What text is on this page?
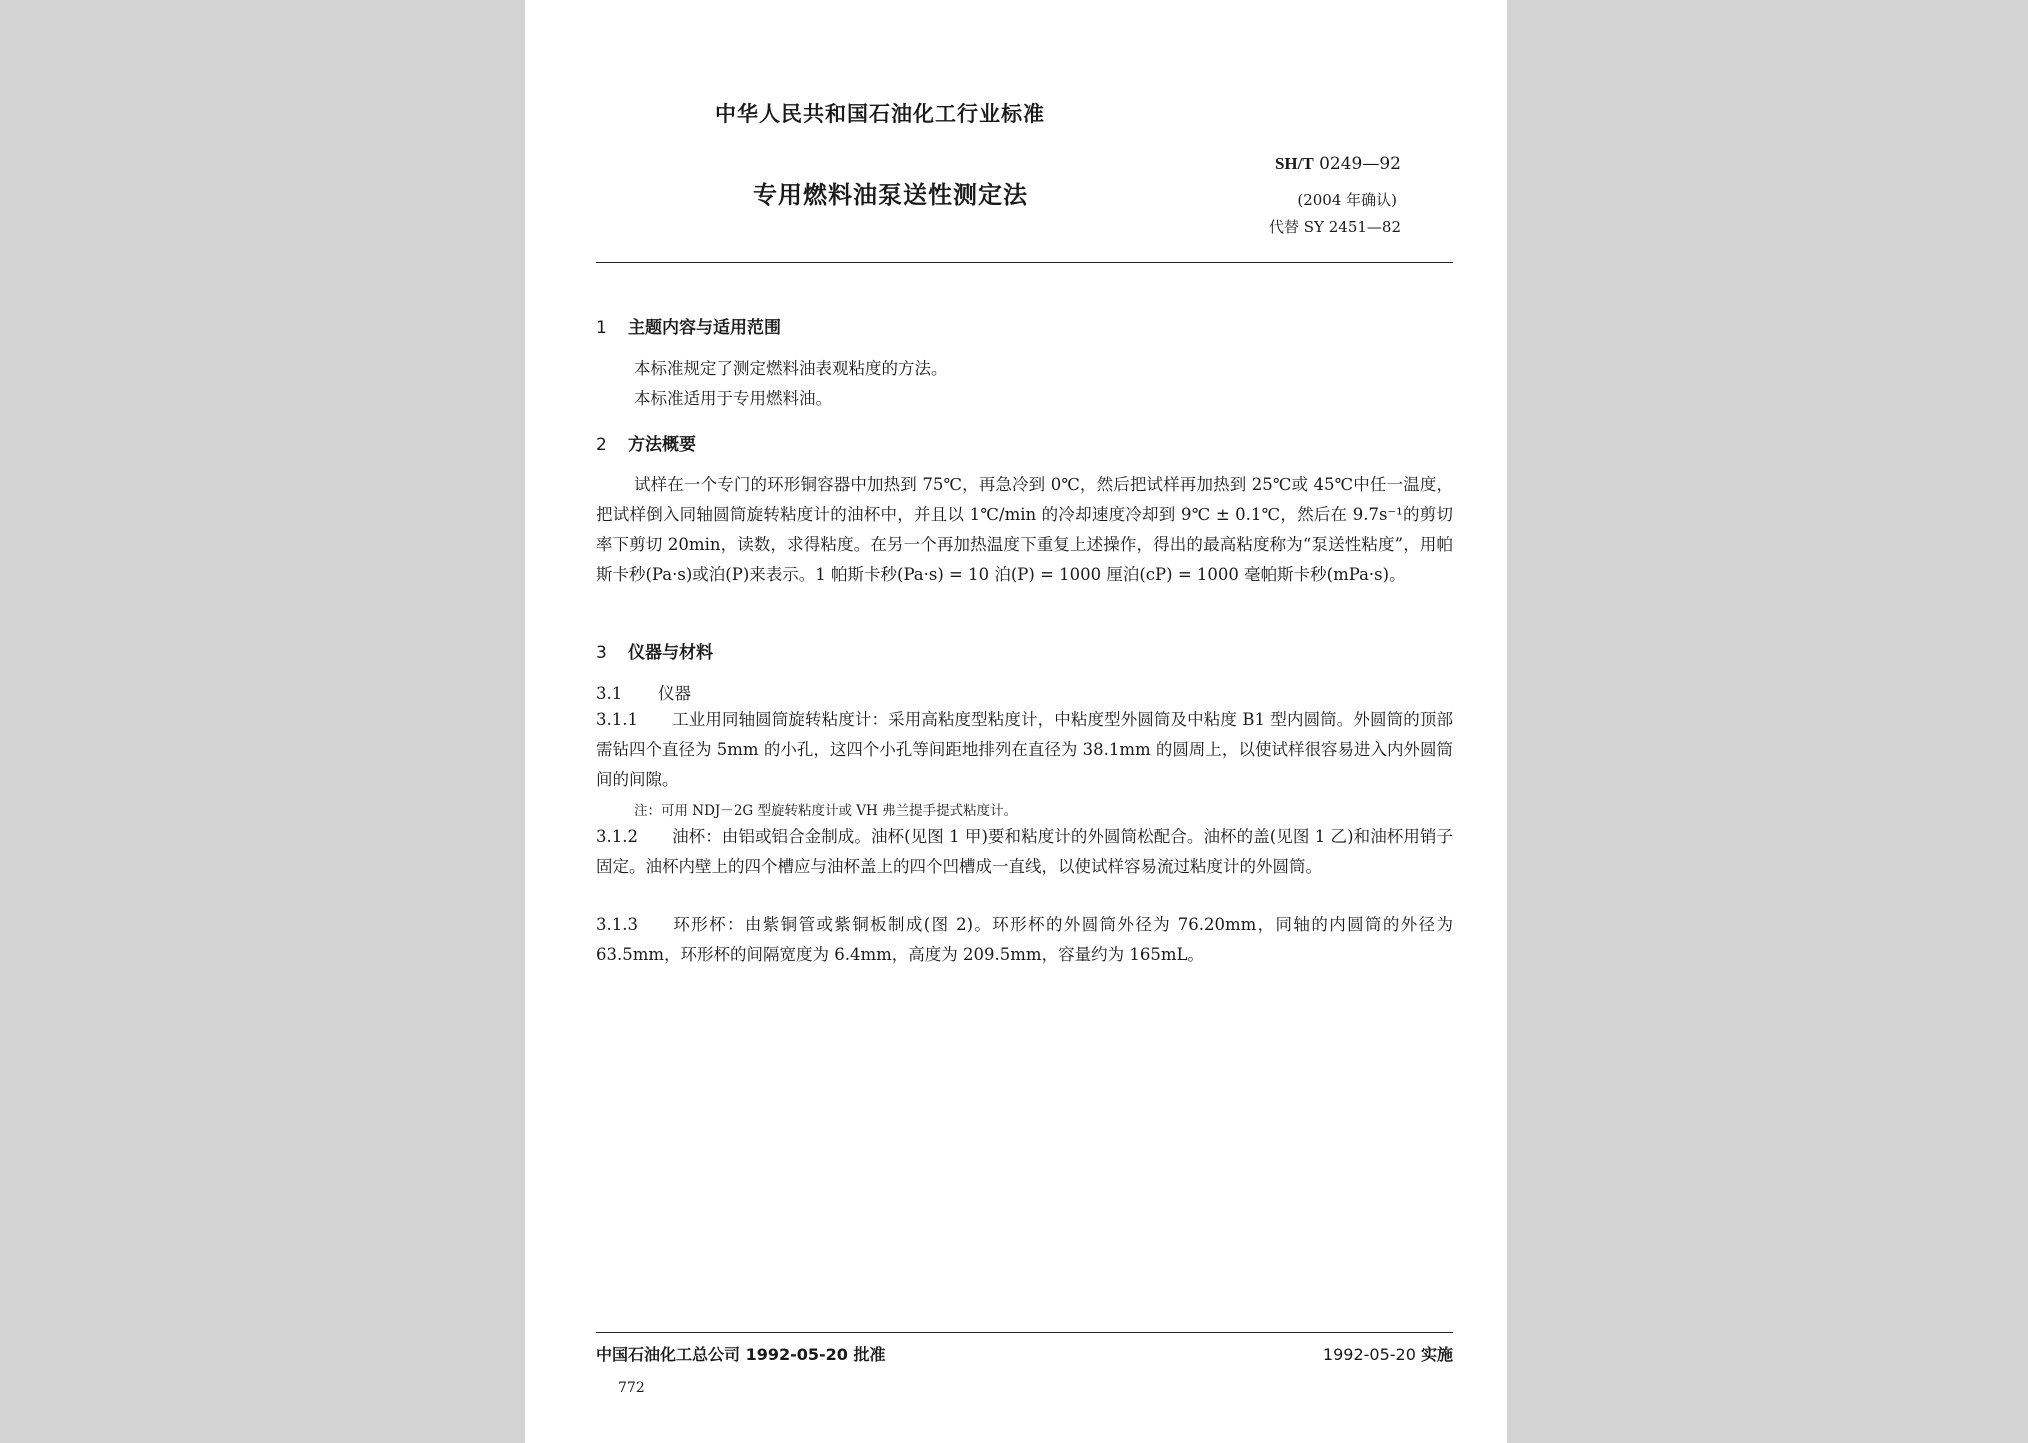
中华人民共和国石油化工行业标准
专用燃料油泵送性测定法
SH/T 0249—92
(2004 年确认)
代替 SY 2451—82
1 主题内容与适用范围
本标准规定了测定燃料油表观粘度的方法。
本标准适用于专用燃料油。
2 方法概要
试样在一个专门的环形铜容器中加热到 75℃，再急冷到 0℃，然后把试样再加热到 25℃或 45℃中任一温度，把试样倒入同轴圆筒旋转粘度计的油杯中，并且以 1℃/min 的冷却速度冷却到 9℃ ± 0.1℃，然后在 9.7s⁻¹的剪切率下剪切 20min，读数，求得粘度。在另一个再加热温度下重复上述操作，得出的最高粘度称为“泵送性粘度”，用帕斯卡秒(Pa·s)或泊(P)来表示。1 帕斯卡秒(Pa·s) = 10 泊(P) = 1000 厘泊(cP) = 1000 毫帕斯卡秒(mPa·s)。
3 仪器与材料
3.1 仪器
3.1.1 工业用同轴圆筒旋转粘度计：采用高粘度型粘度计，中粘度型外圆筒及中粘度 B1 型内圆筒。外圆筒的顶部需钻四个直径为 5mm 的小孔，这四个小孔等间距地排列在直径为 38.1mm 的圆周上，以使试样很容易进入内外圆筒间的间隙。
注：可用 NDJ－2G 型旋转粘度计或 VH 弗兰提手提式粘度计。
3.1.2 油杯：由铝或铝合金制成。油杯(见图 1 甲)要和粘度计的外圆筒松配合。油杯的盖(见图 1 乙)和油杯用销子固定。油杯内壁上的四个槽应与油杯盖上的四个凹槽成一直线，以使试样容易流过粘度计的外圆筒。
3.1.3 环形杯：由紫铜管或紫铜板制成(图 2)。环形杯的外圆筒外径为 76.20mm，同轴的内圆筒的外径为 63.5mm，环形杯的间隔宽度为 6.4mm，高度为 209.5mm，容量约为 165mL。
中国石油化工总公司 1992-05-20 批准	1992-05-20 实施
772
